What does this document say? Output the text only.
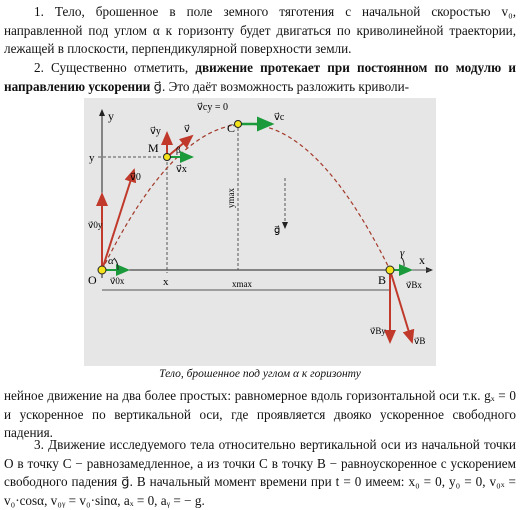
1. Тело, брошенное в поле земного тяготения с начальной скоростью v₀, направленной под углом α к горизонту будет двигаться по криволинейной траектории, лежащей в плоскости, перпендикулярной поверхности земли.

2. Существенно отметить, движение протекает при постоянном по модулю и направлению ускорении g⃗. Это даёт возможность разложить криволи-

y
x
O
M
C
B
y
x	xmax
ymax
v⃗cy = 0
v⃗c
v⃗
v⃗y
v⃗x
β
v⃗0
v⃗0y
v⃗0x
α
γ
g⃗
v⃗Bx
v⃗By
v⃗B
Тело, брошенное под углом α к горизонту

нейное движение на два более простых: равномерное вдоль горизонтальной оси т.к. gₓ = 0 и ускоренное по вертикальной оси, где проявляется двояко ускоренное свободного падения.

3. Движение исследуемого тела относительно вертикальной оси из начальной точки О в точку С − равнозамедленное, а из точки С в точку В − равноускоренное с ускорением свободного падения g⃗. В начальный момент времени при t = 0 имеем: x₀ = 0, y₀ = 0, v₀ₓ = v₀·cosα, v₀ᵧ = v₀·sinα, aₓ = 0, aᵧ = − g.
